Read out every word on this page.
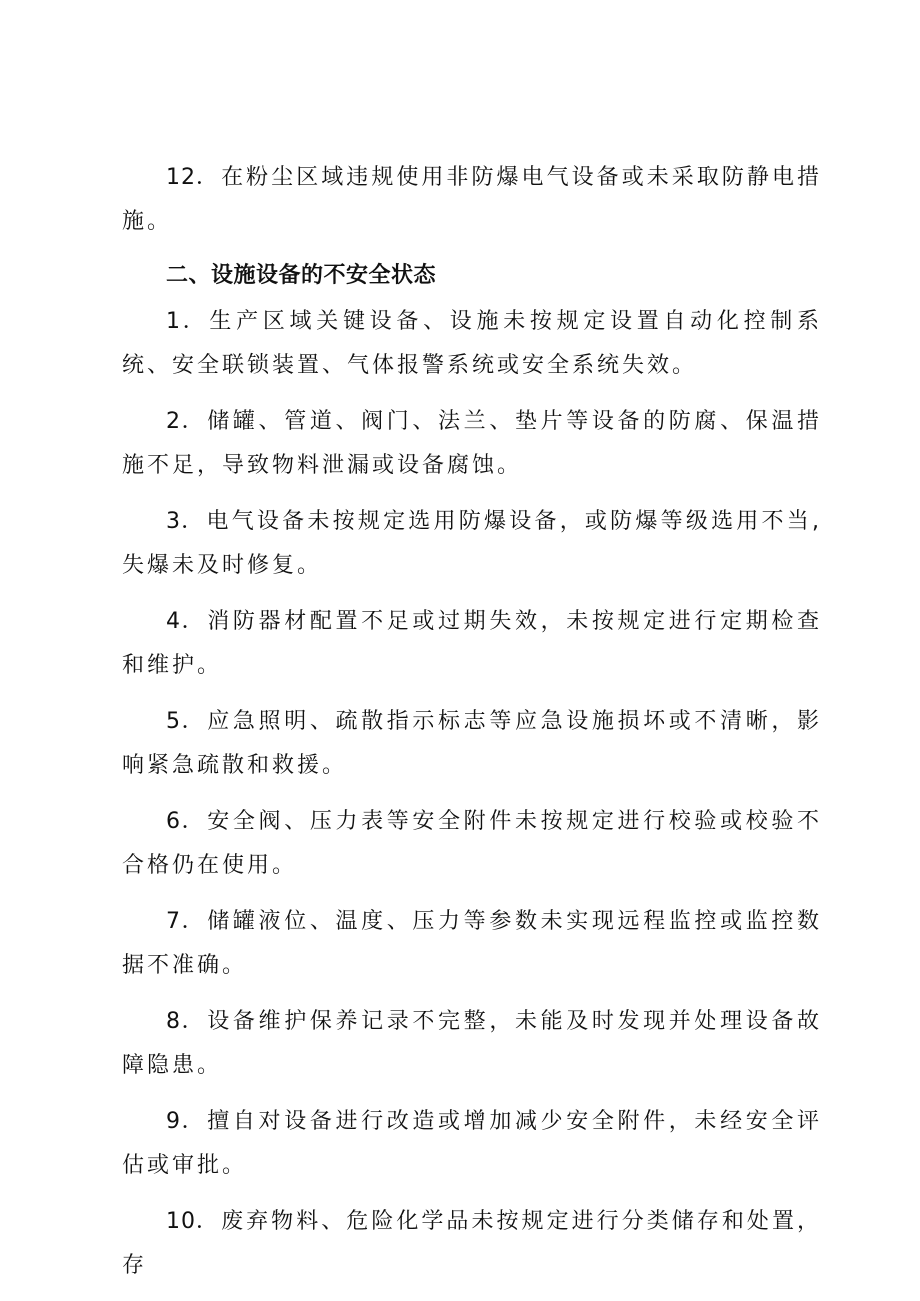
12．在粉尘区域违规使用非防爆电气设备或未采取防静电措施。

二、设施设备的不安全状态

1．生产区域关键设备、设施未按规定设置自动化控制系统、安全联锁装置、气体报警系统或安全系统失效。

2．储罐、管道、阀门、法兰、垫片等设备的防腐、保温措施不足，导致物料泄漏或设备腐蚀。

3．电气设备未按规定选用防爆设备，或防爆等级选用不当,失爆未及时修复。

4．消防器材配置不足或过期失效，未按规定进行定期检查和维护。

5．应急照明、疏散指示标志等应急设施损坏或不清晰，影响紧急疏散和救援。

6．安全阀、压力表等安全附件未按规定进行校验或校验不合格仍在使用。

7．储罐液位、温度、压力等参数未实现远程监控或监控数据不准确。

8．设备维护保养记录不完整，未能及时发现并处理设备故障隐患。

9．擅自对设备进行改造或增加减少安全附件，未经安全评估或审批。

10．废弃物料、危险化学品未按规定进行分类储存和处置，存
